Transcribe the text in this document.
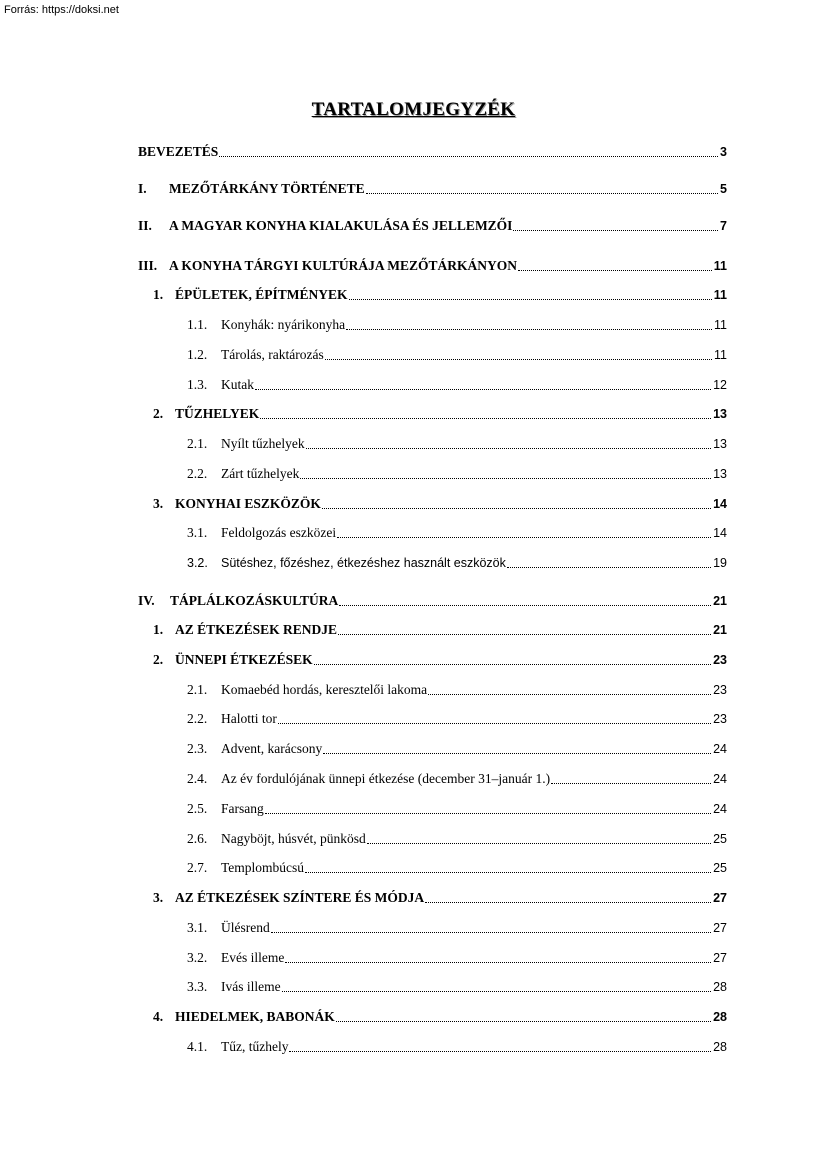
Forrás: https://doksi.net
TARTALOMJEGYZÉK
BEVEZETÉS	3
I.	MEZŐTÁRKÁNY TÖRTÉNETE	5
II.	A MAGYAR KONYHA KIALAKULÁSA ÉS JELLEMZŐI	7
III. A KONYHA TÁRGYI KULTÚRÁJA MEZŐTÁRKÁNYON	11
1. ÉPÜLETEK, ÉPÍTMÉNYEK	11
1.1.	Konyhák: nyárikonyha	11
1.2.	Tárolás, raktározás	11
1.3.	Kutak	12
2. TŰZHELYEK	13
2.1.	Nyílt tűzhelyek	13
2.2.	Zárt tűzhelyek	13
3. KONYHAI ESZKÖZÖK	14
3.1.	Feldolgozás eszközei	14
3.2.	Sütéshez, főzéshez, étkezéshez használt eszközök	19
IV.	TÁPLÁLKOZÁSKULTÚRA	21
1. AZ ÉTKEZÉSEK RENDJE	21
2. ÜNNEPI ÉTKEZÉSEK	23
2.1.	Komaebéd hordás, keresztelői lakoma	23
2.2.	Halotti tor	23
2.3.	Advent, karácsony	24
2.4.	Az év fordulójának ünnepi étkezése (december 31–január 1.)	24
2.5.	Farsang	24
2.6.	Nagyböjt, húsvét, pünkösd	25
2.7.	Templombúcsú	25
3. AZ ÉTKEZÉSEK SZÍNTERE ÉS MÓDJA	27
3.1.	Ülésrend	27
3.2.	Evés illeme	27
3.3.	Ivás illeme	28
4. HIEDELMEK, BABONÁK	28
4.1.	Tűz, tűzhely	28
